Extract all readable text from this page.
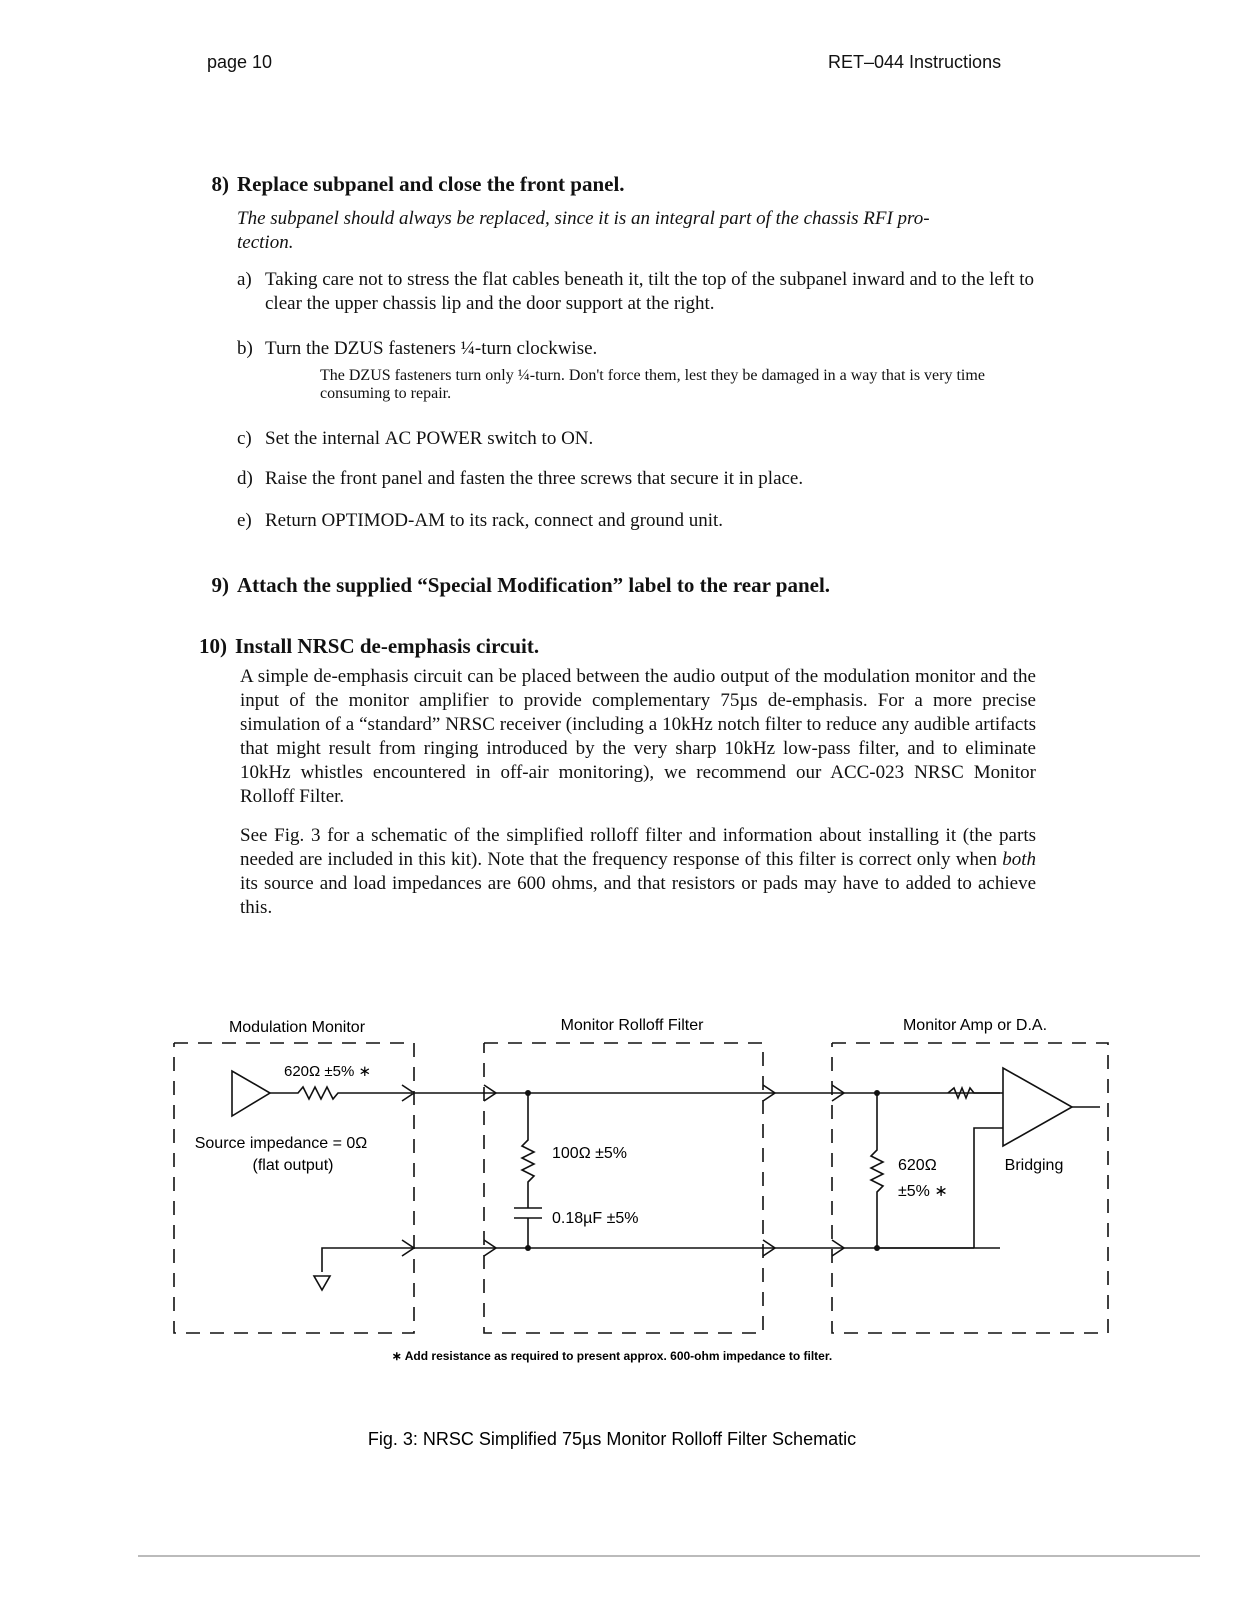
page 10	RET–044 Instructions
8) Replace subpanel and close the front panel.
The subpanel should always be replaced, since it is an integral part of the chassis RFI pro-
tection.
a) Taking care not to stress the flat cables beneath it, tilt the top of the subpanel inward and to the left to clear the upper chassis lip and the door support at the right.
b) Turn the DZUS fasteners ¼-turn clockwise.
The DZUS fasteners turn only ¼-turn. Don't force them, lest they be damaged in a way that is very time consuming to repair.
c) Set the internal AC POWER switch to ON.
d) Raise the front panel and fasten the three screws that secure it in place.
e) Return OPTIMOD-AM to its rack, connect and ground unit.
9) Attach the supplied “Special Modification” label to the rear panel.
10) Install NRSC de-emphasis circuit.
A simple de-emphasis circuit can be placed between the audio output of the modulation monitor and the input of the monitor amplifier to provide complementary 75µs de-emphasis. For a more precise simulation of a “standard” NRSC receiver (including a 10kHz notch filter to reduce any audible artifacts that might result from ringing introduced by the very sharp 10kHz low-pass filter, and to eliminate 10kHz whistles encountered in off-air monitoring), we recommend our ACC-023 NRSC Monitor Rolloff Filter.
See Fig. 3 for a schematic of the simplified rolloff filter and information about installing it (the parts needed are included in this kit). Note that the frequency response of this filter is correct only when both its source and load impedances are 600 ohms, and that resistors or pads may have to added to achieve this.
Modulation Monitor	Monitor Rolloff Filter	Monitor Amp or D.A.
620Ω ±5% ∗
Source impedance = 0Ω
(flat output)
100Ω ±5%
0.18µF ±5%
620Ω
±5% ∗
Bridging
∗ Add resistance as required to present approx. 600-ohm impedance to filter.
Fig. 3: NRSC Simplified 75µs Monitor Rolloff Filter Schematic
